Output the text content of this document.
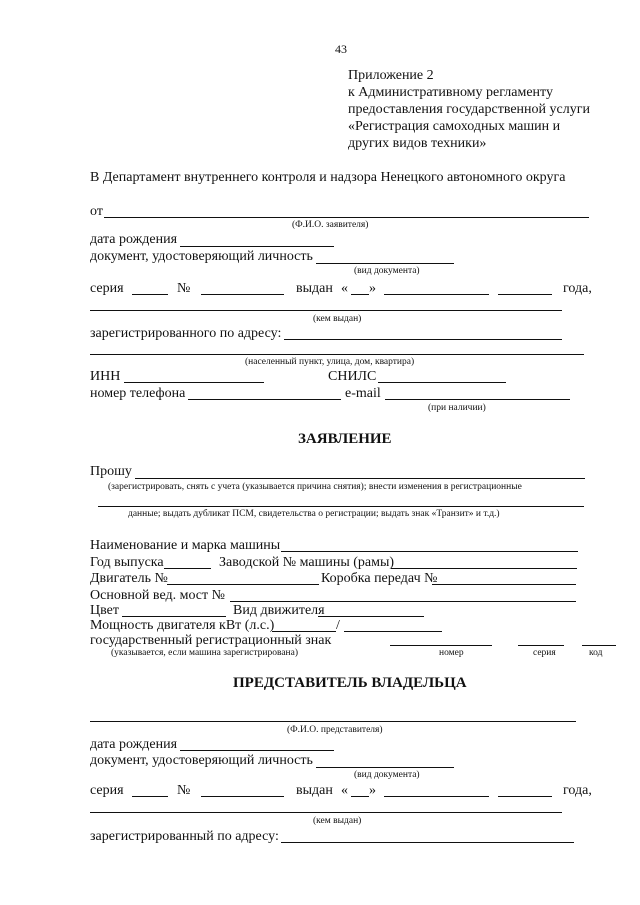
43
Приложение 2
к Административному регламенту
предоставления государственной услуги
«Регистрация самоходных машин и
других видов техники»
В Департамент внутреннего контроля и надзора Ненецкого автономного округа
от
(Ф.И.О. заявителя)
дата рождения
документ, удостоверяющий личность
(вид документа)
серия	№	выдан « »	года,
(кем выдан)
зарегистрированного по адресу:
(населенный пункт, улица, дом, квартира)
ИНН	СНИЛС
номер телефона	e-mail
(при наличии)
ЗАЯВЛЕНИЕ
Прошу
(зарегистрировать, снять с учета (указывается причина снятия); внести изменения в регистрационные
данные; выдать дубликат ПСМ, свидетельства о регистрации; выдать знак «Транзит» и т.д.)
Наименование и марка машины
Год выпуска	Заводской № машины (рамы)
Двигатель №	Коробка передач №
Основной вед. мост №
Цвет	Вид движителя
Мощность двигателя кВт (л.с.)	/
государственный регистрационный знак
(указывается, если машина зарегистрирована)	номер	серия	код
ПРЕДСТАВИТЕЛЬ ВЛАДЕЛЬЦА
(Ф.И.О. представителя)
дата рождения
документ, удостоверяющий личность
(вид документа)
серия	№	выдан « »	года,
(кем выдан)
зарегистрированный по адресу:
